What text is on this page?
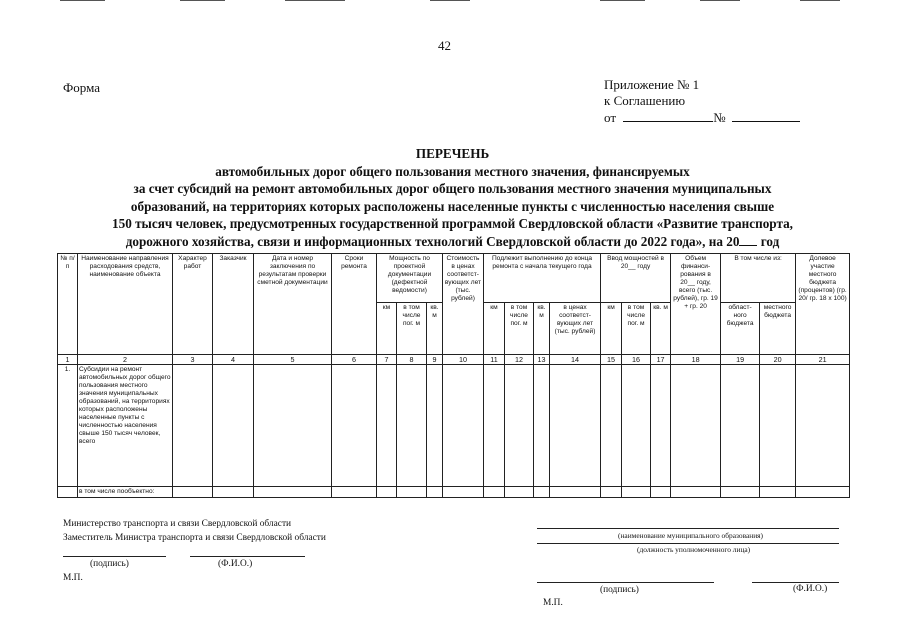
42
Форма	Приложение № 1
к Соглашению
от	№
ПЕРЕЧЕНЬ
автомобильных дорог общего пользования местного значения, финансируемых
за счет субсидий на ремонт автомобильных дорог общего пользования местного значения муниципальных
образований, на территориях которых расположены населенные пункты с численностью населения свыше
150 тысяч человек, предусмотренных государственной программой Свердловской области «Развитие транспорта,
дорожного хозяйства, связи и информационных технологий Свердловской области до 2022 года», на 20 год
№ п/п	Наименование направления расходования средств, наименование объекта	Характер работ	Заказчик	Дата и номер заключения по результатам проверки сметной документации	Сроки ремонта	Мощность по проектной документации (дефектной ведомости)			Стоимость в ценах соответст-вующих лет (тыс. рублей)	Подлежит выполнению до конца ремонта с начала текущего года				Ввод мощностей в 20__ году			Объем финанси-рования в 20__ году, всего (тыс. рублей), гр. 19 + гр. 20	В том числе из:		Долевое участие местного бюджета (процентов) (гр. 20/ гр. 18 х 100)
						км	в том числе пог. м	кв. м		км	в том числе пог. м	кв. м	в ценах соответст-вующих лет (тыс. рублей)	км	в том числе пог. м	кв. м		област-ного бюджета	местного бюджета	
1	2	3	4	5	6	7	8	9	10	11	12	13	14	15	16	17	18	19	20	21
1.	Субсидии на ремонт автомобильных дорог общего пользования местного значения муниципальных образований, на территориях которых расположены населенные пункты с численностью населения свыше 150 тысяч человек, всего																			
	в том числе пообъектно:																			
Министерство транспорта и связи Свердловской области
Заместитель Министра транспорта и связи Свердловской области
(подпись)	(Ф.И.О.)
М.П.
(наименование муниципального образования)
(должность уполномоченного лица)
(подпись)	(Ф.И.О.)
М.П.
